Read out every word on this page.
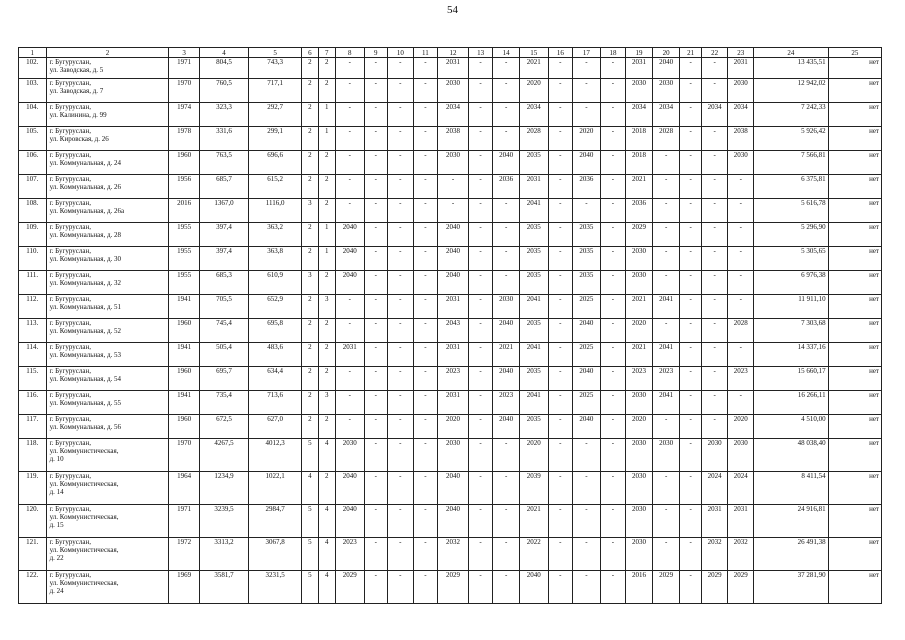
54
1	2	3	4	5	6	7	8	9	10	11	12	13	14	15	16	17	18	19	20	21	22	23	24	25
102.	г. Бугуруслан,
ул. Заводская, д. 5	1971	804,5	743,3	2	2	-	-	-	-	2031	-	-	2021	-	-	-	2031	2040	-	-	2031	13 435,51	нет
103.	г. Бугуруслан,
ул. Заводская, д. 7	1970	760,5	717,1	2	2	-	-	-	-	2030	-	-	2020	-	-	-	2030	2030	-	-	2030	12 942,02	нет
104.	г. Бугуруслан,
ул. Калинина, д. 99	1974	323,3	292,7	2	1	-	-	-	-	2034	-	-	2034	-	-	-	2034	2034	-	2034	2034	7 242,33	нет
105.	г. Бугуруслан,
ул. Кировская, д. 26	1978	331,6	299,1	2	1	-	-	-	-	2038	-	-	2028	-	2020	-	2018	2028	-	-	2038	5 926,42	нет
106.	г. Бугуруслан,
ул. Коммунальная, д. 24	1960	763,5	696,6	2	2	-	-	-	-	2030	-	2040	2035	-	2040	-	2018	-	-	-	2030	7 566,81	нет
107.	г. Бугуруслан,
ул. Коммунальная, д. 26	1956	685,7	615,2	2	2	-	-	-	-	-	-	2036	2031	-	2036	-	2021	-	-	-	-	6 375,81	нет
108.	г. Бугуруслан,
ул. Коммунальная, д. 26а	2016	1367,0	1116,0	3	2	-	-	-	-	-	-	-	2041	-	-	-	2036	-	-	-	-	5 616,78	нет
109.	г. Бугуруслан,
ул. Коммунальная, д. 28	1955	397,4	363,2	2	1	2040	-	-	-	2040	-	-	2035	-	2035	-	2029	-	-	-	-	5 296,90	нет
110.	г. Бугуруслан,
ул. Коммунальная, д. 30	1955	397,4	363,8	2	1	2040	-	-	-	2040	-	-	2035	-	2035	-	2030	-	-	-	-	5 305,65	нет
111.	г. Бугуруслан,
ул. Коммунальная, д. 32	1955	685,3	610,9	3	2	2040	-	-	-	2040	-	-	2035	-	2035	-	2030	-	-	-	-	6 976,38	нет
112.	г. Бугуруслан,
ул. Коммунальная, д. 51	1941	705,5	652,9	2	3	-	-	-	-	2031	-	2030	2041	-	2025	-	2021	2041	-	-	-	11 911,10	нет
113.	г. Бугуруслан,
ул. Коммунальная, д. 52	1960	745,4	695,8	2	2	-	-	-	-	2043	-	2040	2035	-	2040	-	2020	-	-	-	2028	7 303,68	нет
114.	г. Бугуруслан,
ул. Коммунальная, д. 53	1941	505,4	483,6	2	2	2031	-	-	-	2031	-	2021	2041	-	2025	-	2021	2041	-	-	-	14 337,16	нет
115.	г. Бугуруслан,
ул. Коммунальная, д. 54	1960	695,7	634,4	2	2	-	-	-	-	2023	-	2040	2035	-	2040	-	2023	2023	-	-	2023	15 660,17	нет
116.	г. Бугуруслан,
ул. Коммунальная, д. 55	1941	735,4	713,6	2	3	-	-	-	-	2031	-	2023	2041	-	2025	-	2030	2041	-	-	-	16 266,11	нет
117.	г. Бугуруслан,
ул. Коммунальная, д. 56	1960	672,5	627,0	2	2	-	-	-	-	2020	-	2040	2035	-	2040	-	2020	-	-	-	2020	4 510,00	нет
118.	г. Бугуруслан,
ул. Коммунистическая,
д. 10	1970	4267,5	4012,3	5	4	2030	-	-	-	2030	-	-	2020	-	-	-	2030	2030	-	2030	2030	48 038,40	нет
119.	г. Бугуруслан,
ул. Коммунистическая,
д. 14	1964	1234,9	1022,1	4	2	2040	-	-	-	2040	-	-	2039	-	-	-	2030	-	-	2024	2024	8 411,54	нет
120.	г. Бугуруслан,
ул. Коммунистическая,
д. 15	1971	3239,5	2984,7	5	4	2040	-	-	-	2040	-	-	2021	-	-	-	2030	-	-	2031	2031	24 916,81	нет
121.	г. Бугуруслан,
ул. Коммунистическая,
д. 22	1972	3313,2	3067,8	5	4	2023	-	-	-	2032	-	-	2022	-	-	-	2030	-	-	2032	2032	26 491,38	нет
122.	г. Бугуруслан,
ул. Коммунистическая,
д. 24	1969	3581,7	3231,5	5	4	2029	-	-	-	2029	-	-	2040	-	-	-	2016	2029	-	2029	2029	37 281,90	нет
